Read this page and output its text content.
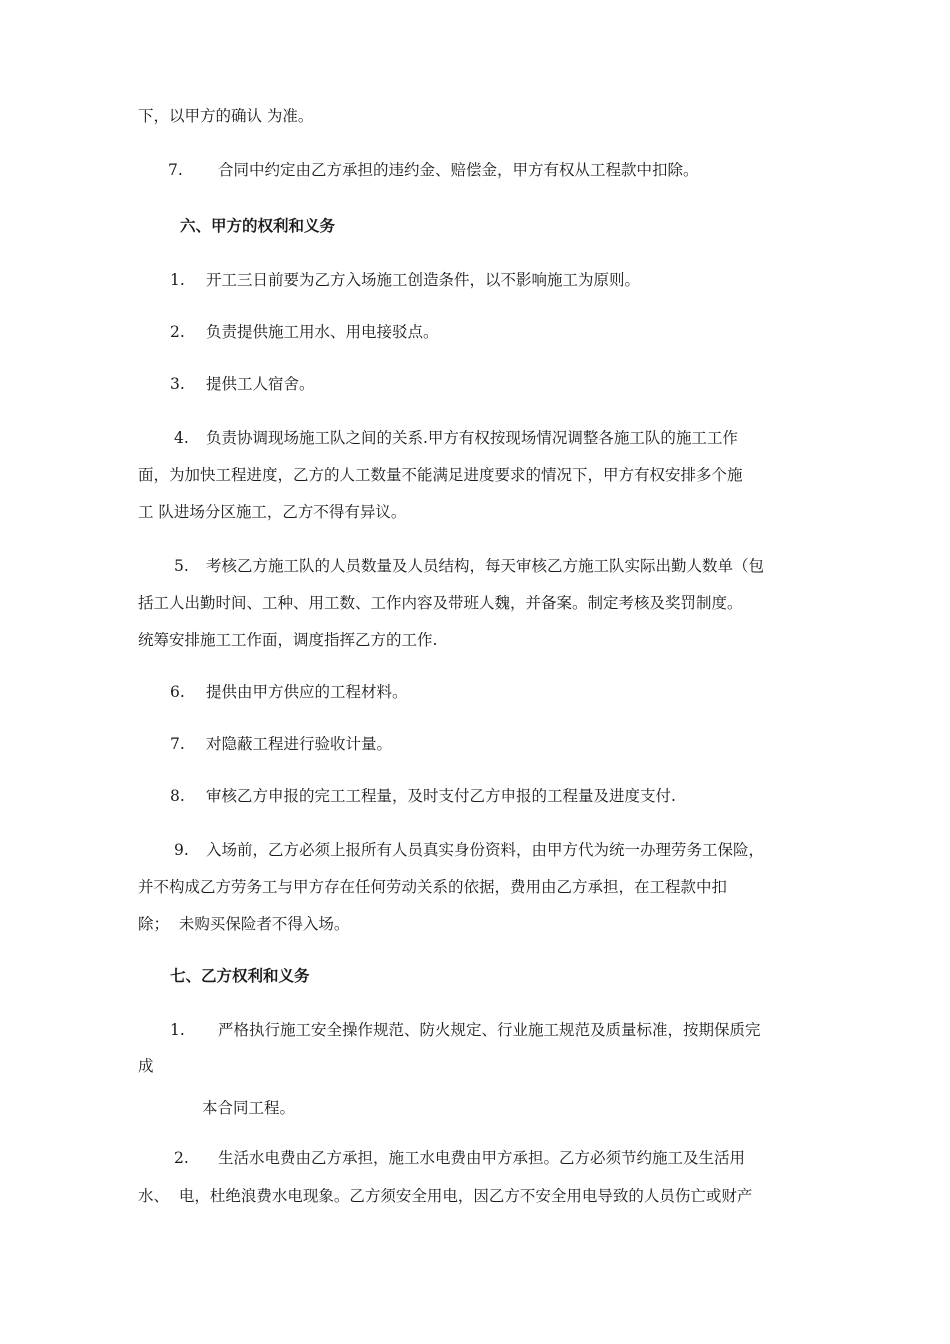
下，以甲方的确认 为准。
7. 合同中约定由乙方承担的违约金、赔偿金，甲方有权从工程款中扣除。
六、甲方的权利和义务
1. 开工三日前要为乙方入场施工创造条件，以不影响施工为原则。
2. 负责提供施工用水、用电接驳点。
3. 提供工人宿舍。
4. 负责协调现场施工队之间的关系.甲方有权按现场情况调整各施工队的施工工作
面，为加快工程进度，乙方的人工数量不能满足进度要求的情况下，甲方有权安排多个施
工 队进场分区施工，乙方不得有异议。
5. 考核乙方施工队的人员数量及人员结构，每天审核乙方施工队实际出勤人数单（包
括工人出勤时间、工种、用工数、工作内容及带班人魏，并备案。制定考核及奖罚制度。
统筹安排施工工作面，调度指挥乙方的工作.
6. 提供由甲方供应的工程材料。
7. 对隐蔽工程进行验收计量。
8. 审核乙方申报的完工工程量，及时支付乙方申报的工程量及进度支付.
9. 入场前，乙方必须上报所有人员真实身份资料，由甲方代为统一办理劳务工保险，
并不构成乙方劳务工与甲方存在任何劳动关系的依据，费用由乙方承担，在工程款中扣
除；  未购买保险者不得入场。
七、乙方权利和义务
1. 严格执行施工安全操作规范、防火规定、行业施工规范及质量标准，按期保质完
成
本合同工程。
2. 生活水电费由乙方承担，施工水电费由甲方承担。乙方必须节约施工及生活用
水、  电，杜绝浪费水电现象。乙方须安全用电，因乙方不安全用电导致的人员伤亡或财产
